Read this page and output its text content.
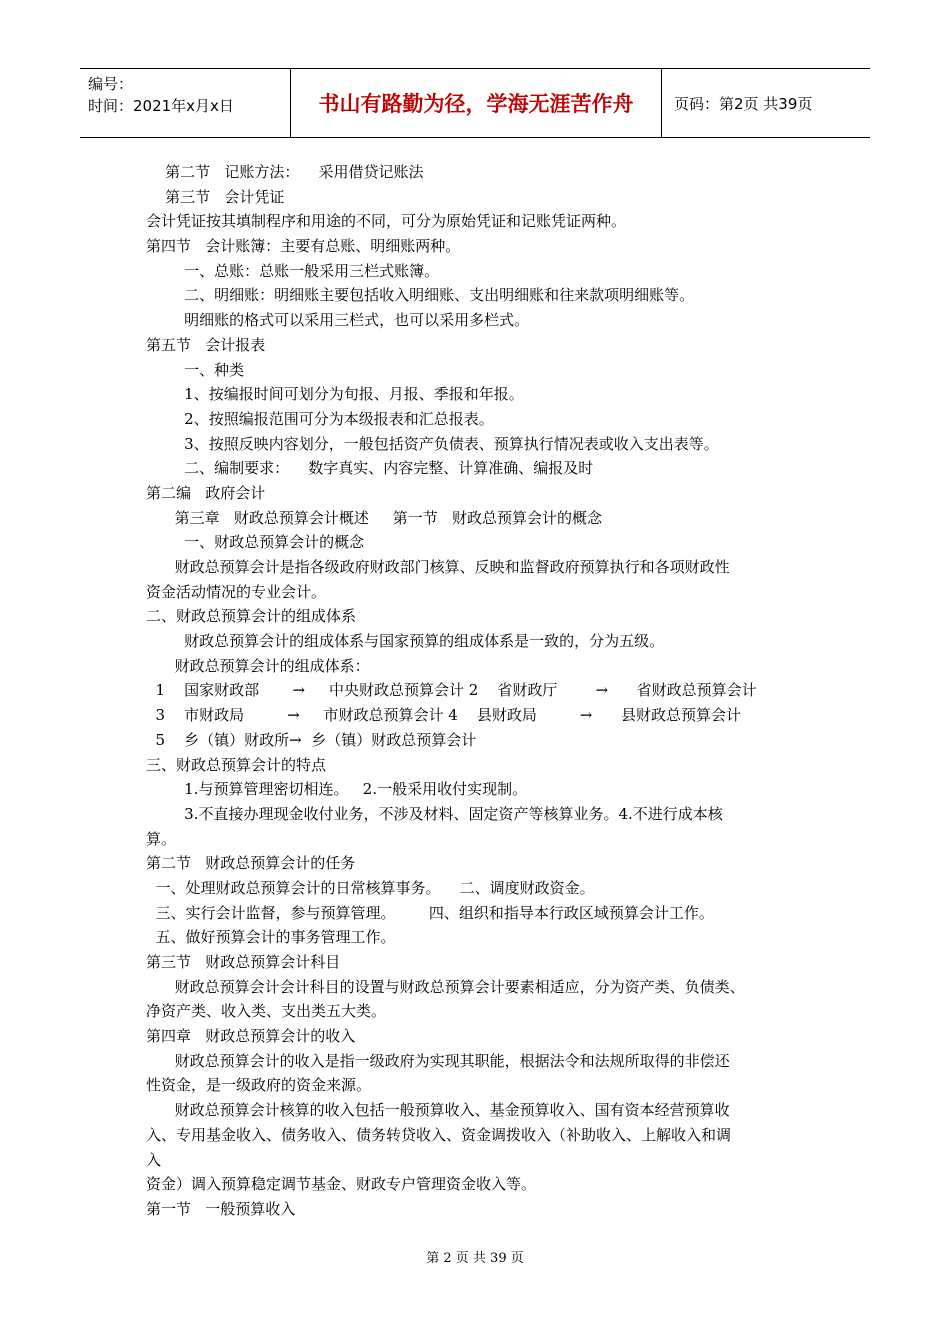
编号：
时间：2021年x月x日	书山有路勤为径，学海无涯苦作舟	页码：第2页 共39页
第二节   记账方法：    采用借贷记账法
第三节   会计凭证
会计凭证按其填制程序和用途的不同，可分为原始凭证和记账凭证两种。
第四节   会计账簿：主要有总账、明细账两种。
一、总账：总账一般采用三栏式账簿。
二、明细账：明细账主要包括收入明细账、支出明细账和往来款项明细账等。
明细账的格式可以采用三栏式，也可以采用多栏式。
第五节   会计报表
一、种类
1、按编报时间可划分为旬报、月报、季报和年报。
2、按照编报范围可分为本级报表和汇总报表。
3、按照反映内容划分，一般包括资产负债表、预算执行情况表或收入支出表等。
二、编制要求：    数字真实、内容完整、计算准确、编报及时
第二编   政府会计
第三章   财政总预算会计概述     第一节   财政总预算会计的概念
一、财政总预算会计的概念
财政总预算会计是指各级政府财政部门核算、反映和监督政府预算执行和各项财政性
资金活动情况的专业会计。
二、财政总预算会计的组成体系
财政总预算会计的组成体系与国家预算的组成体系是一致的，分为五级。
财政总预算会计的组成体系：
1    国家财政部       →     中央财政总预算会计 2    省财政厅        →      省财政总预算会计
3    市财政局         →     市财政总预算会计 4    县财政局         →      县财政总预算会计
5    乡（镇）财政所→  乡（镇）财政总预算会计
三、财政总预算会计的特点
1.与预算管理密切相连。   2.一般采用收付实现制。
3.不直接办理现金收付业务，不涉及材料、固定资产等核算业务。4.不进行成本核
算。
第二节   财政总预算会计的任务
一、处理财政总预算会计的日常核算事务。    二、调度财政资金。
三、实行会计监督，参与预算管理。       四、组织和指导本行政区域预算会计工作。
五、做好预算会计的事务管理工作。
第三节   财政总预算会计科目
财政总预算会计会计科目的设置与财政总预算会计要素相适应，分为资产类、负债类、
净资产类、收入类、支出类五大类。
第四章   财政总预算会计的收入
财政总预算会计的收入是指一级政府为实现其职能，根据法令和法规所取得的非偿还
性资金，是一级政府的资金来源。
财政总预算会计核算的收入包括一般预算收入、基金预算收入、国有资本经营预算收
入、专用基金收入、债务收入、债务转贷收入、资金调拨收入（补助收入、上解收入和调
入
资金）调入预算稳定调节基金、财政专户管理资金收入等。
第一节   一般预算收入
第 2 页 共 39 页
